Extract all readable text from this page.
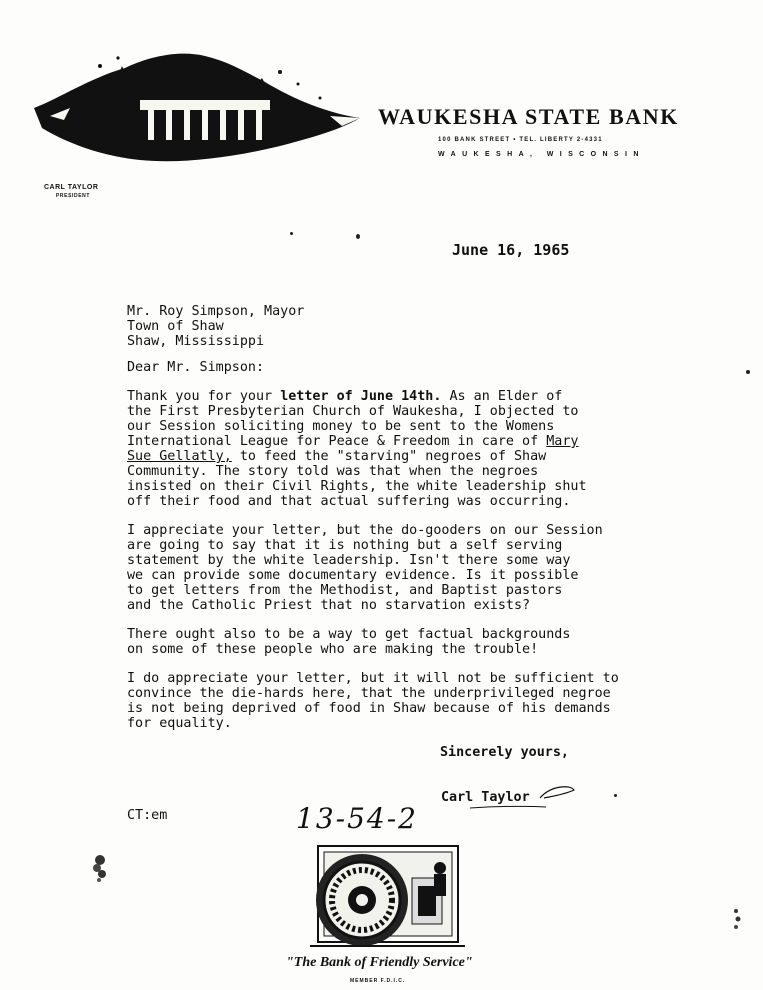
WAUKESHA STATE BANK
100 BANK STREET • TEL. LIBERTY 2-4331
WAUKESHA, WISCONSIN
CARL TAYLOR
PRESIDENT
June 16, 1965
Mr. Roy Simpson, Mayor
Town of Shaw
Shaw, Mississippi
Dear Mr. Simpson:
Thank you for your letter of June 14th. As an Elder of
the First Presbyterian Church of Waukesha, I objected to
our Session soliciting money to be sent to the Womens
International League for Peace & Freedom in care of Mary
Sue Gellatly, to feed the "starving" negroes of Shaw
Community. The story told was that when the negroes
insisted on their Civil Rights, the white leadership shut
off their food and that actual suffering was occurring.
I appreciate your letter, but the do-gooders on our Session
are going to say that it is nothing but a self serving
statement by the white leadership. Isn't there some way
we can provide some documentary evidence. Is it possible
to get letters from the Methodist, and Baptist pastors
and the Catholic Priest that no starvation exists?
There ought also to be a way to get factual backgrounds
on some of these people who are making the trouble!
I do appreciate your letter, but it will not be sufficient to
convince the die-hards here, that the underprivileged negroe
is not being deprived of food in Shaw because of his demands
for equality.
Sincerely yours,
Carl Taylor
CT:em	13-54-2
"The Bank of Friendly Service"
MEMBER F.D.I.C.
